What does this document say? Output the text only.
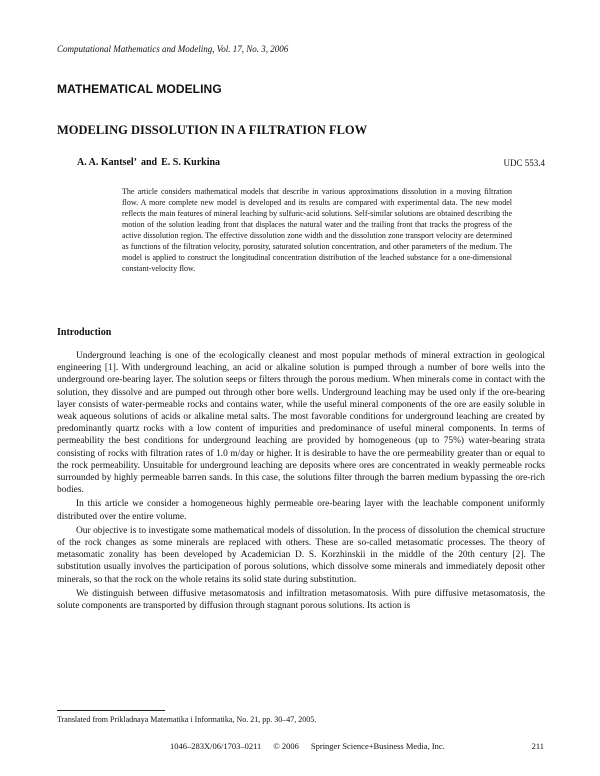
Computational Mathematics and Modeling, Vol. 17, No. 3, 2006
MATHEMATICAL MODELING
MODELING DISSOLUTION IN A FILTRATION FLOW
A. A. Kantsel’ and E. S. Kurkina	UDC 553.4
The article considers mathematical models that describe in various approximations dissolution in a moving filtration flow. A more complete new model is developed and its results are compared with experimental data. The new model reflects the main features of mineral leaching by sulfuric-acid solutions. Self-similar solutions are obtained describing the motion of the solution leading front that displaces the natural water and the trailing front that tracks the progress of the active dissolution region. The effective dissolution zone width and the dissolution zone transport velocity are determined as functions of the filtration velocity, porosity, saturated solution concentration, and other parameters of the medium. The model is applied to construct the longitudinal concentration distribution of the leached substance for a one-dimensional constant-velocity flow.
Introduction

Underground leaching is one of the ecologically cleanest and most popular methods of mineral extraction in geological engineering [1]. With underground leaching, an acid or alkaline solution is pumped through a number of bore wells into the underground ore-bearing layer. The solution seeps or filters through the porous medium. When minerals come in contact with the solution, they dissolve and are pumped out through other bore wells. Underground leaching may be used only if the ore-bearing layer consists of water-permeable rocks and contains water, while the useful mineral components of the ore are easily soluble in weak aqueous solutions of acids or alkaline metal salts. The most favorable conditions for underground leaching are created by predominantly quartz rocks with a low content of impurities and predominance of useful mineral components. In terms of permeability the best conditions for underground leaching are provided by homogeneous (up to 75%) water-bearing strata consisting of rocks with filtration rates of 1.0 m/day or higher. It is desirable to have the ore permeability greater than or equal to the rock permeability. Unsuitable for underground leaching are deposits where ores are concentrated in weakly permeable rocks surrounded by highly permeable barren sands. In this case, the solutions filter through the barren medium bypassing the ore-rich bodies.

In this article we consider a homogeneous highly permeable ore-bearing layer with the leachable component uniformly distributed over the entire volume.

Our objective is to investigate some mathematical models of dissolution. In the process of dissolution the chemical structure of the rock changes as some minerals are replaced with others. These are so-called metasomatic processes. The theory of metasomatic zonality has been developed by Academician D. S. Korzhinskii in the middle of the 20th century [2]. The substitution usually involves the participation of porous solutions, which dissolve some minerals and immediately deposit other minerals, so that the rock on the whole retains its solid state during substitution.

We distinguish between diffusive metasomatosis and infiltration metasomatosis. With pure diffusive metasomatosis, the solute components are transported by diffusion through stagnant porous solutions. Its action is

Translated from Prikladnaya Matematika i Informatika, No. 21, pp. 30–47, 2005.
1046–283X/06/1703–0211 © 2006 Springer Science+Business Media, Inc.	211
